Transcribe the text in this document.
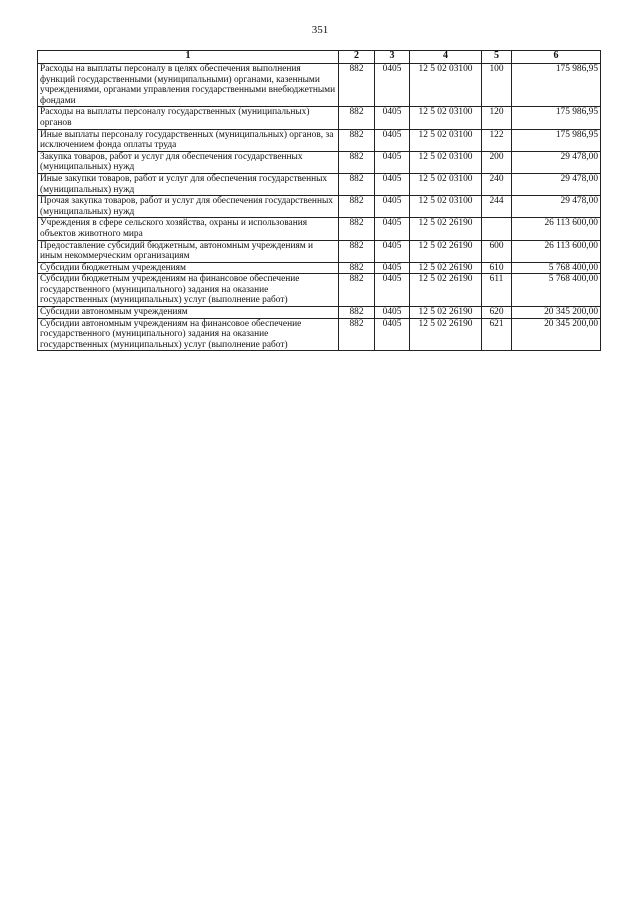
351
1	2	3	4	5	6
Расходы на выплаты персоналу в целях обеспечения выполнения функций государственными (муниципальными) органами, казенными учреждениями, органами управления государственными внебюджетными фондами	882	0405	12 5 02 03100	100	175 986,95
Расходы на выплаты персоналу государственных (муниципальных) органов	882	0405	12 5 02 03100	120	175 986,95
Иные выплаты персоналу государственных (муниципальных) органов, за исключением фонда оплаты труда	882	0405	12 5 02 03100	122	175 986,95
Закупка товаров, работ и услуг для обеспечения государственных (муниципальных) нужд	882	0405	12 5 02 03100	200	29 478,00
Иные закупки товаров, работ и услуг для обеспечения государственных (муниципальных) нужд	882	0405	12 5 02 03100	240	29 478,00
Прочая закупка товаров, работ и услуг для обеспечения государственных (муниципальных) нужд	882	0405	12 5 02 03100	244	29 478,00
Учреждения в сфере сельского хозяйства, охраны и использования объектов животного мира	882	0405	12 5 02 26190		26 113 600,00
Предоставление субсидий бюджетным, автономным учреждениям и иным некоммерческим организациям	882	0405	12 5 02 26190	600	26 113 600,00
Субсидии бюджетным учреждениям	882	0405	12 5 02 26190	610	5 768 400,00
Субсидии бюджетным учреждениям на финансовое обеспечение государственного (муниципального) задания на оказание государственных (муниципальных) услуг (выполнение работ)	882	0405	12 5 02 26190	611	5 768 400,00
Субсидии автономным учреждениям	882	0405	12 5 02 26190	620	20 345 200,00
Субсидии автономным учреждениям на финансовое обеспечение государственного (муниципального) задания на оказание государственных (муниципальных) услуг (выполнение работ)	882	0405	12 5 02 26190	621	20 345 200,00
